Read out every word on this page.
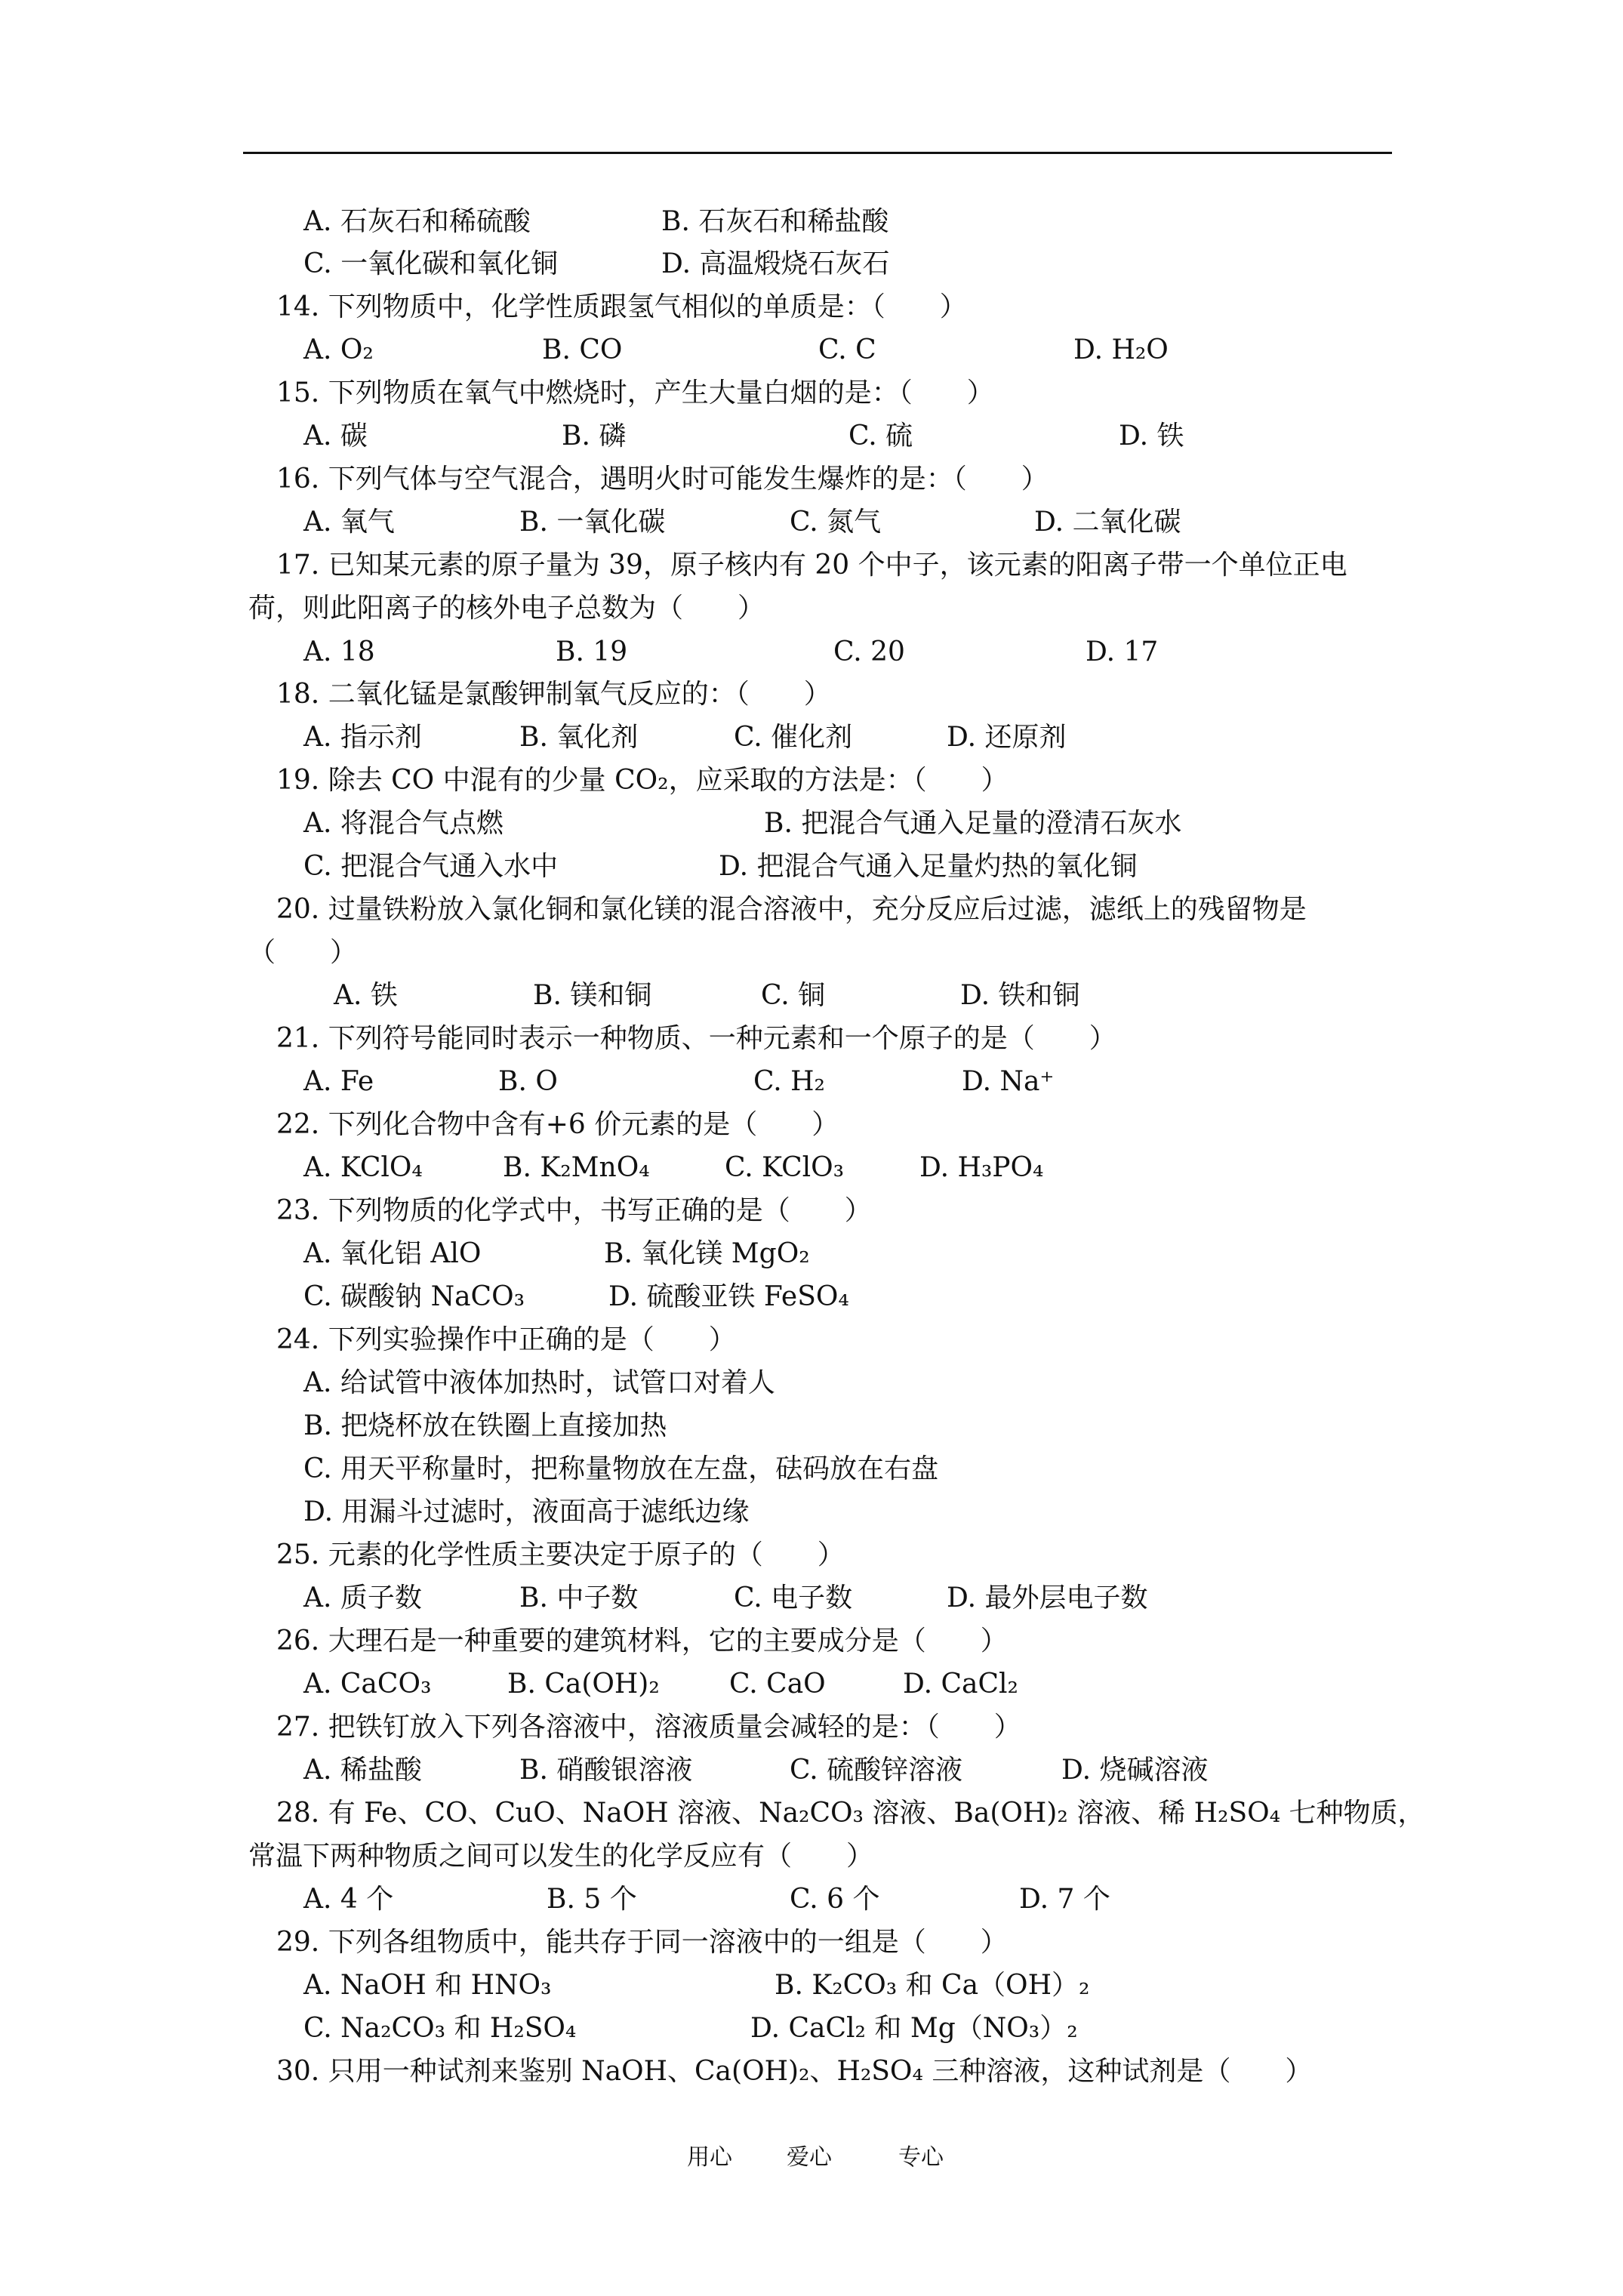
A. 石灰石和稀硫酸	B. 石灰石和稀盐酸
C. 一氧化碳和氧化铜	D. 高温煅烧石灰石
14. 下列物质中，化学性质跟氢气相似的单质是：（　　）
A. O₂	B. CO	C. C	D. H₂O
15. 下列物质在氧气中燃烧时，产生大量白烟的是：（　　）
A. 碳	B. 磷	C. 硫	D. 铁
16. 下列气体与空气混合，遇明火时可能发生爆炸的是：（　　）
A. 氧气	B. 一氧化碳	C. 氮气	D. 二氧化碳
17. 已知某元素的原子量为 39，原子核内有 20 个中子，该元素的阳离子带一个单位正电
荷，则此阳离子的核外电子总数为（　　）
A. 18	B. 19	C. 20	D. 17
18. 二氧化锰是氯酸钾制氧气反应的：（　　）
A. 指示剂	B. 氧化剂	C. 催化剂	D. 还原剂
19. 除去 CO 中混有的少量 CO₂，应采取的方法是：（　　）
A. 将混合气点燃	B. 把混合气通入足量的澄清石灰水
C. 把混合气通入水中	D. 把混合气通入足量灼热的氧化铜
20. 过量铁粉放入氯化铜和氯化镁的混合溶液中，充分反应后过滤，滤纸上的残留物是
（　　）
A. 铁	B. 镁和铜	C. 铜	D. 铁和铜
21. 下列符号能同时表示一种物质、一种元素和一个原子的是（　　）
A. Fe	B. O	C. H₂	D. Na⁺
22. 下列化合物中含有+6 价元素的是（　　）
A. KClO₄	B. K₂MnO₄	C. KClO₃	D. H₃PO₄
23. 下列物质的化学式中，书写正确的是（　　）
A. 氧化铝 AlO	B. 氧化镁 MgO₂
C. 碳酸钠 NaCO₃	D. 硫酸亚铁 FeSO₄
24. 下列实验操作中正确的是（　　）
A. 给试管中液体加热时，试管口对着人
B. 把烧杯放在铁圈上直接加热
C. 用天平称量时，把称量物放在左盘，砝码放在右盘
D. 用漏斗过滤时，液面高于滤纸边缘
25. 元素的化学性质主要决定于原子的（　　）
A. 质子数	B. 中子数	C. 电子数	D. 最外层电子数
26. 大理石是一种重要的建筑材料，它的主要成分是（　　）
A. CaCO₃	B. Ca(OH)₂	C. CaO	D. CaCl₂
27. 把铁钉放入下列各溶液中，溶液质量会减轻的是：（　　）
A. 稀盐酸	B. 硝酸银溶液	C. 硫酸锌溶液	D. 烧碱溶液
28. 有 Fe、CO、CuO、NaOH 溶液、Na₂CO₃ 溶液、Ba(OH)₂ 溶液、稀 H₂SO₄ 七种物质，
常温下两种物质之间可以发生的化学反应有（　　）
A. 4 个	B. 5 个	C. 6 个	D. 7 个
29. 下列各组物质中，能共存于同一溶液中的一组是（　　）
A. NaOH 和 HNO₃	B. K₂CO₃ 和 Ca（OH）₂
C. Na₂CO₃ 和 H₂SO₄	D. CaCl₂ 和 Mg（NO₃）₂
30. 只用一种试剂来鉴别 NaOH、Ca(OH)₂、H₂SO₄ 三种溶液，这种试剂是（　　）
用心 爱心	专心
